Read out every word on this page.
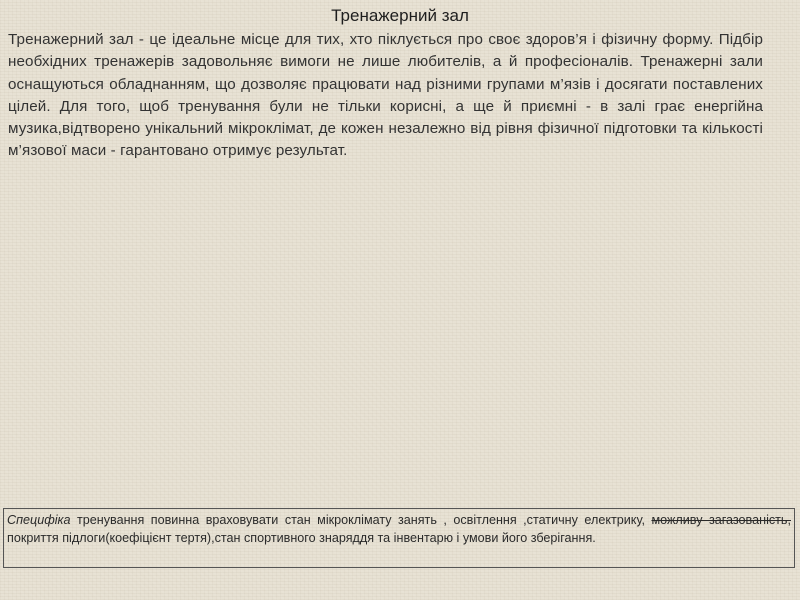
Тренажерний зал
Тренажерний зал - це ідеальне місце для тих, хто піклується про своє здоров’я і фізичну форму. Підбір необхідних тренажерів задовольняє вимоги не лише любителів, а й професіоналів. Тренажерні зали оснащуються обладнанням, що дозволяє працювати над різними групами м’язів і досягати поставлених цілей. Для того, щоб тренування були не тільки корисні, а ще й приємні - в залі грає енергійна музика,відтворено унікальний мікроклімат, де кожен незалежно від рівня фізичної підготовки та кількості м’язової маси - гарантовано отримує результат.
Специфіка тренування повинна враховувати стан мікроклімату занять , освітлення ,статичну електрику, можливу загазованість, покриття підлоги(коефіцієнт тертя),стан спортивного знаряддя та інвентарю і умови його зберігання.
